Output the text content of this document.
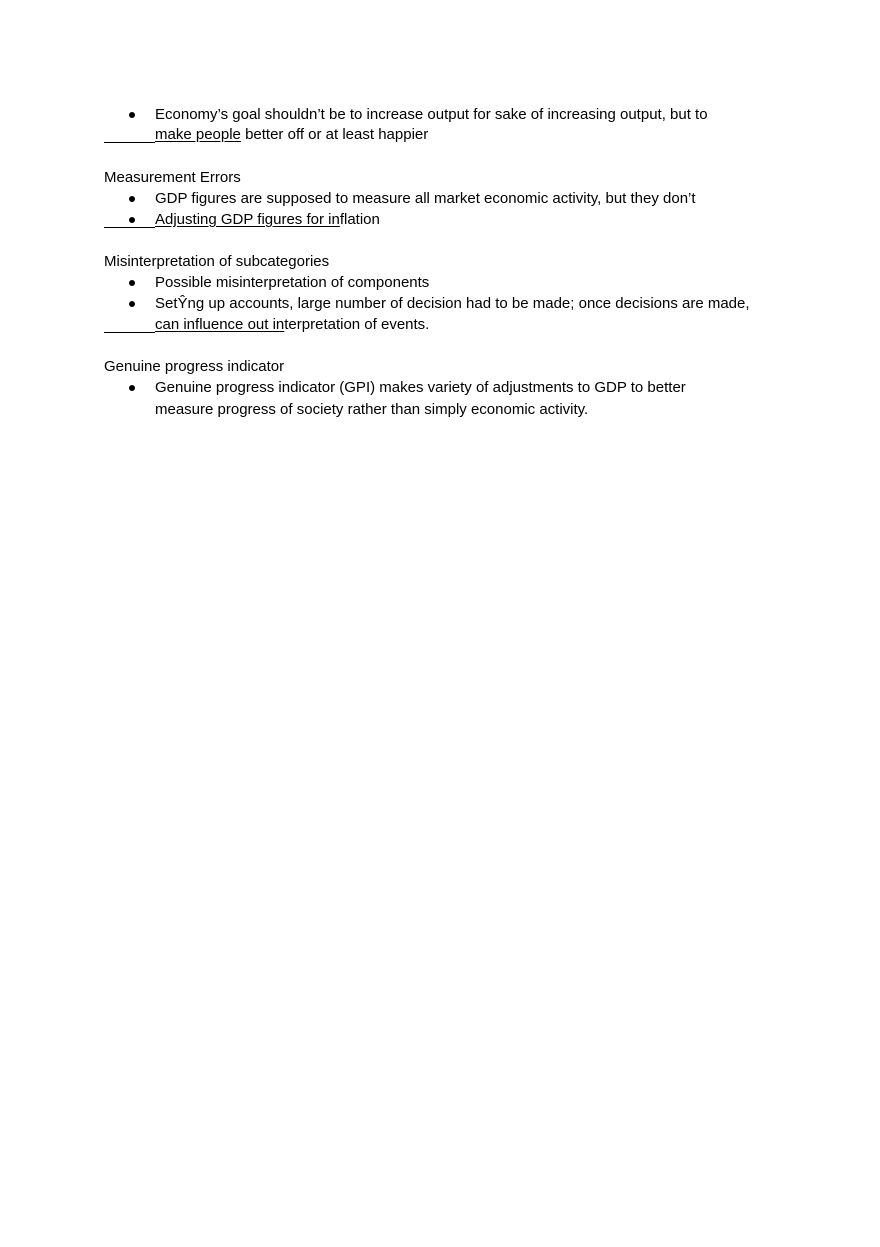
Economy’s goal shouldn’t be to increase output for sake of increasing output, but to
make people better off or at least happier
Measurement Errors
GDP figures are supposed to measure all market economic activity, but they don’t
Adjusting GDP figures for inflation
Misinterpretation of subcategories
Possible misinterpretation of components
SetŶng up accounts, large number of decision had to be made; once decisions are made,
can influence out interpretation of events.
Genuine progress indicator
Genuine progress indicator (GPI) makes variety of adjustments to GDP to better
measure progress of society rather than simply economic activity.
